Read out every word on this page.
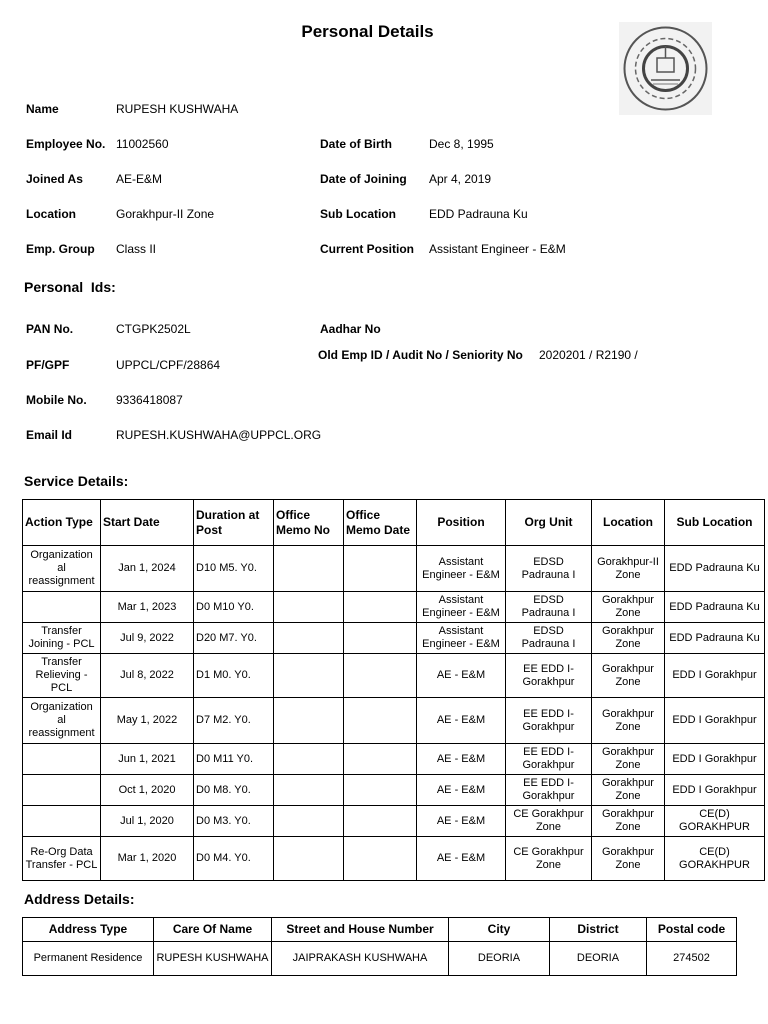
Personal Details
Name	RUPESH KUSHWAHA
Employee No. 11002560
Joined As	AE-E&M
Location	Gorakhpur-II Zone
Emp. Group Class II
Date of Birth	Dec 8, 1995
Date of Joining Apr 4, 2019
Sub Location	EDD Padrauna Ku
Current Position Assistant Engineer - E&M
Personal  Ids:
PAN No.	CTGPK2502L
PF/GPF	UPPCL/CPF/28864
Mobile No. 9336418087
Email Id	RUPESH.KUSHWAHA@UPPCL.ORG
Aadhar No
Old Emp ID / Audit No / Seniority No 2020201 / R2190 /
Service Details:
Action Type	Start Date	Duration at Post	Office Memo No	Office Memo Date	Position	Org Unit	Location	Sub Location
Organization al reassignment	Jan 1, 2024	D10 M5. Y0.			Assistant Engineer - E&M	EDSD Padrauna I	Gorakhpur-II Zone	EDD Padrauna Ku
	Mar 1, 2023	D0 M10 Y0.			Assistant Engineer - E&M	EDSD Padrauna I	Gorakhpur Zone	EDD Padrauna Ku
Transfer Joining - PCL	Jul 9, 2022	D20 M7. Y0.			Assistant Engineer - E&M	EDSD Padrauna I	Gorakhpur Zone	EDD Padrauna Ku
Transfer Relieving - PCL	Jul 8, 2022	D1 M0. Y0.			AE - E&M	EE EDD I- Gorakhpur	Gorakhpur Zone	EDD I Gorakhpur
Organization al reassignment	May 1, 2022	D7 M2. Y0.			AE - E&M	EE EDD I- Gorakhpur	Gorakhpur Zone	EDD I Gorakhpur
	Jun 1, 2021	D0 M11 Y0.			AE - E&M	EE EDD I- Gorakhpur	Gorakhpur Zone	EDD I Gorakhpur
	Oct 1, 2020	D0 M8. Y0.			AE - E&M	EE EDD I- Gorakhpur	Gorakhpur Zone	EDD I Gorakhpur
	Jul 1, 2020	D0 M3. Y0.			AE - E&M	CE Gorakhpur Zone	Gorakhpur Zone	CE(D) GORAKHPUR
Re-Org Data Transfer - PCL	Mar 1, 2020	D0 M4. Y0.			AE - E&M	CE Gorakhpur Zone	Gorakhpur Zone	CE(D) GORAKHPUR
Address Details:
Address Type	Care Of Name	Street and House Number	City	District	Postal code
Permanent Residence	RUPESH KUSHWAHA	JAIPRAKASH KUSHWAHA	DEORIA	DEORIA	274502
